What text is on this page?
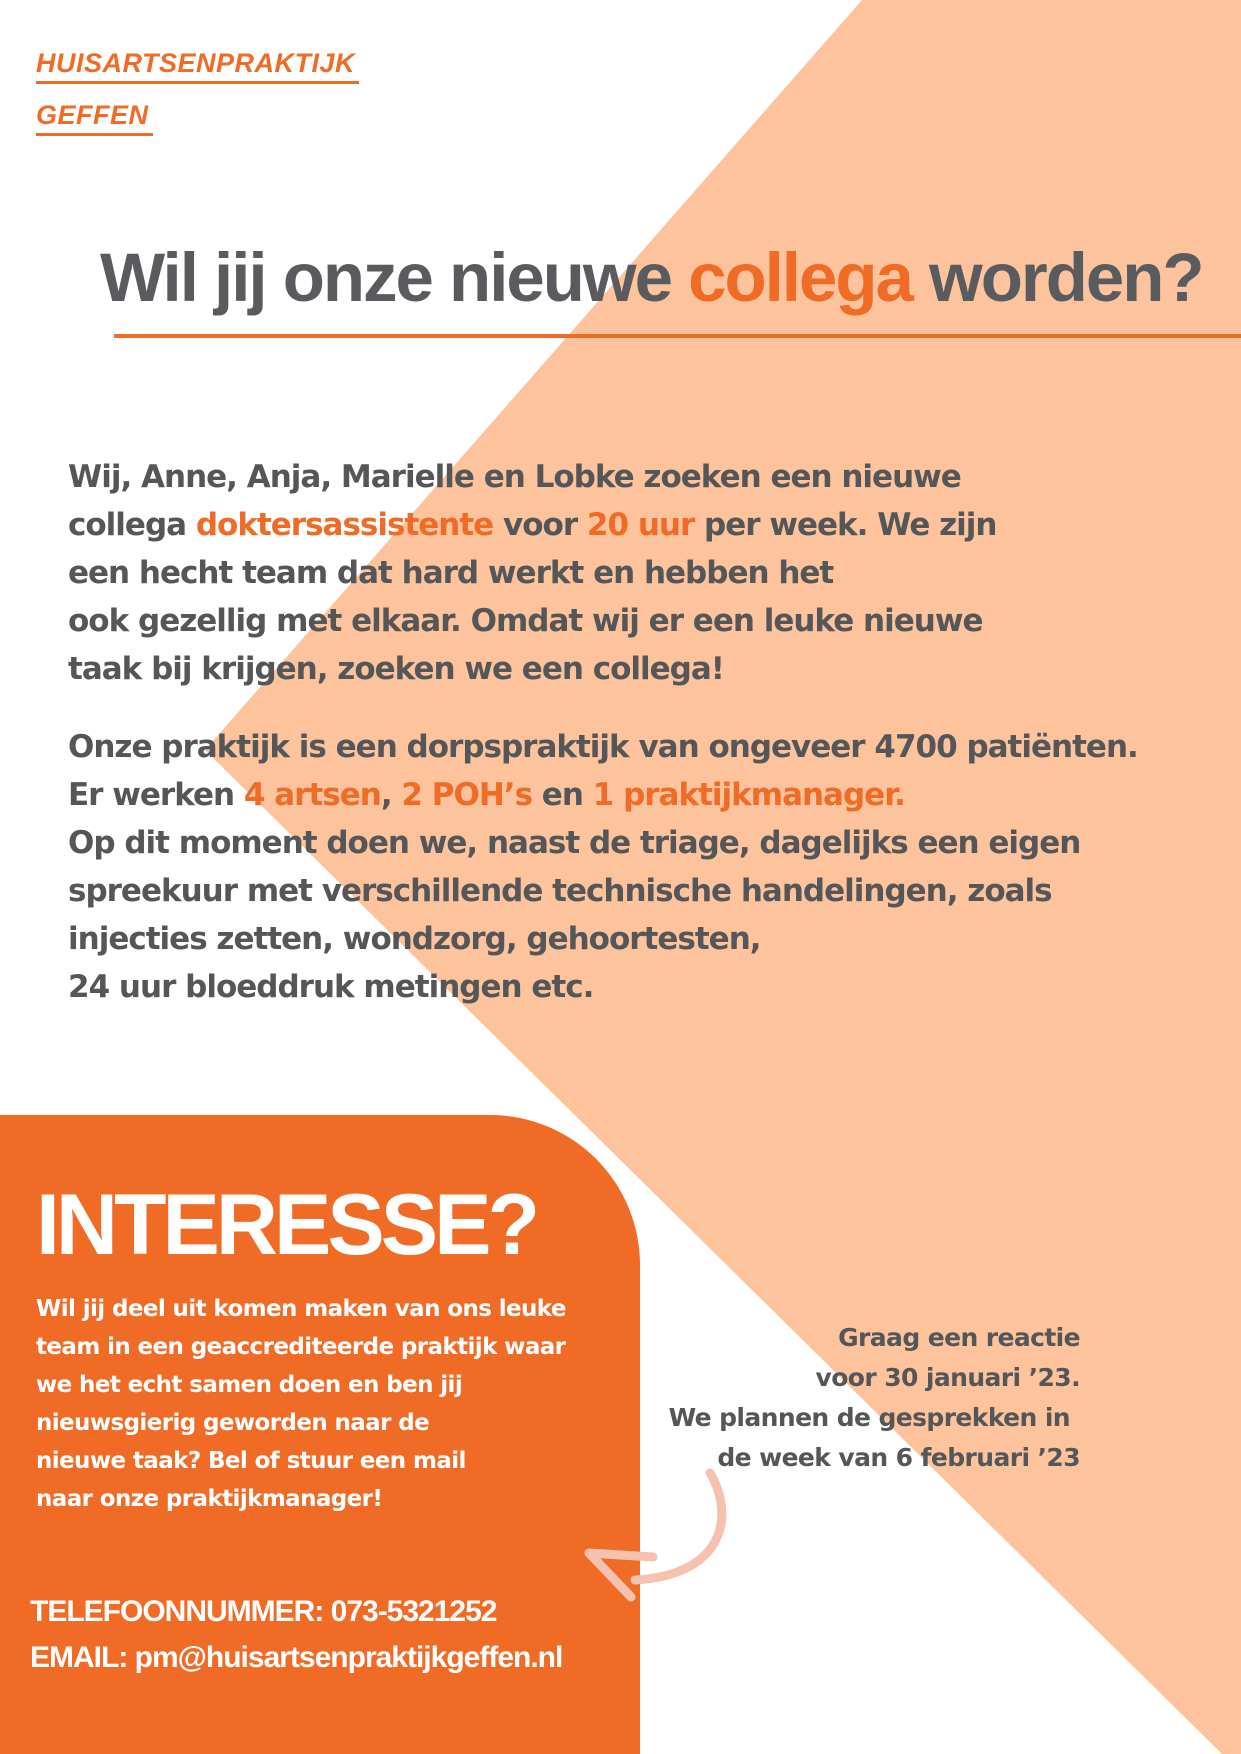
HUISARTSENPRAKTIJK
GEFFEN
Wil jij onze nieuwe collega worden?
Wij, Anne, Anja, Marielle en Lobke zoeken een nieuwe
collega doktersassistente voor 20 uur per week. We zijn
een hecht team dat hard werkt en hebben het
ook gezellig met elkaar. Omdat wij er een leuke nieuwe
taak bij krijgen, zoeken we een collega!
Onze praktijk is een dorpspraktijk van ongeveer 4700 patiënten.
Er werken 4 artsen, 2 POH’s en 1 praktijkmanager.
Op dit moment doen we, naast de triage, dagelijks een eigen
spreekuur met verschillende technische handelingen, zoals
injecties zetten, wondzorg, gehoortesten,
24 uur bloeddruk metingen etc.
INTERESSE?
Wil jij deel uit komen maken van ons leuke
team in een geaccrediteerde praktijk waar
we het echt samen doen en ben jij
nieuwsgierig geworden naar de
nieuwe taak? Bel of stuur een mail
naar onze praktijkmanager!
TELEFOONNUMMER: 073-5321252
EMAIL: pm@huisartsenpraktijkgeffen.nl
Graag een reactie
voor 30 januari ’23.
We plannen de gesprekken in
de week van 6 februari ’23
